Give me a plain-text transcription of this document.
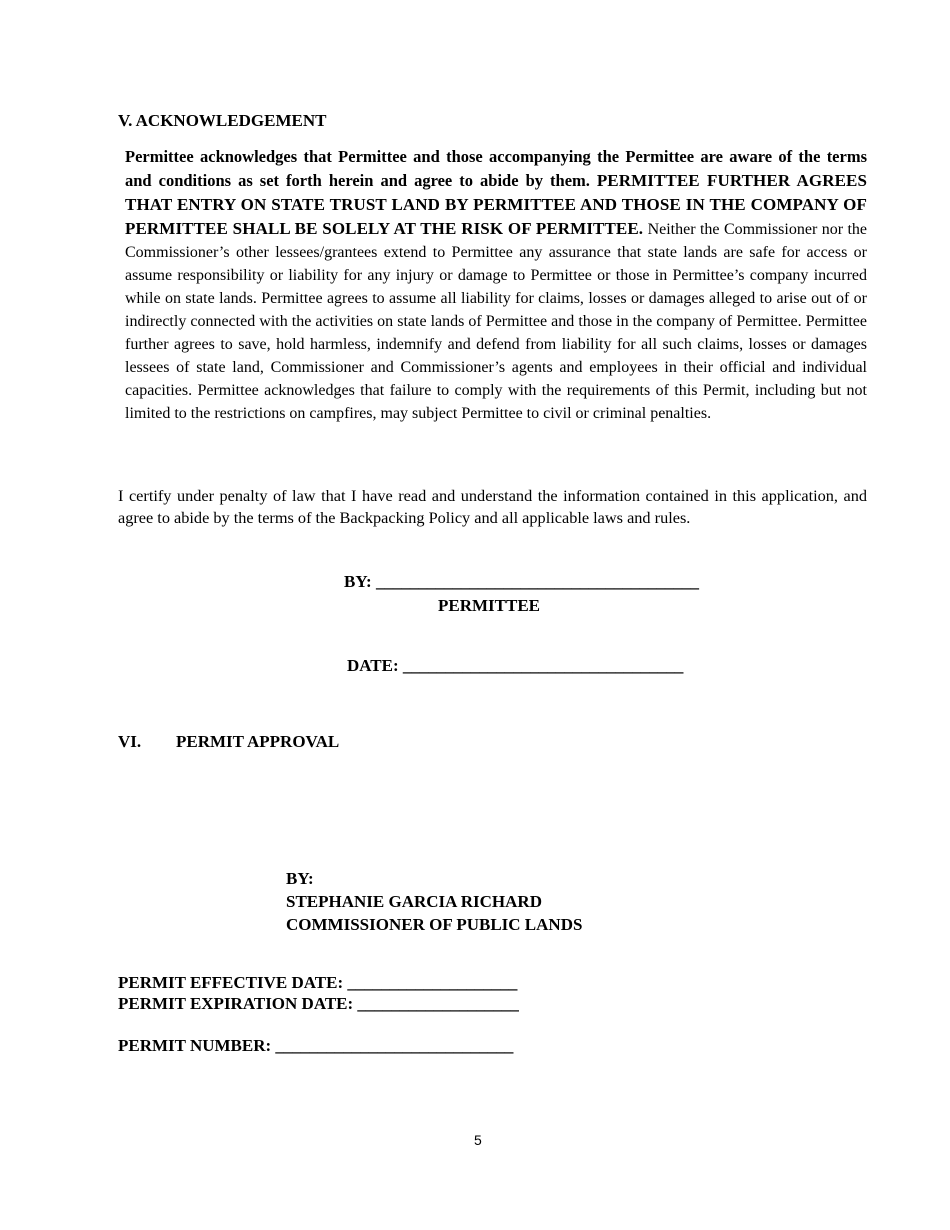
V. ACKNOWLEDGEMENT
Permittee acknowledges that Permittee and those accompanying the Permittee are aware of the terms and conditions as set forth herein and agree to abide by them. PERMITTEE FURTHER AGREES THAT ENTRY ON STATE TRUST LAND BY PERMITTEE AND THOSE IN THE COMPANY OF PERMITTEE SHALL BE SOLELY AT THE RISK OF PERMITTEE. Neither the Commissioner nor the Commissioner’s other lessees/grantees extend to Permittee any assurance that state lands are safe for access or assume responsibility or liability for any injury or damage to Permittee or those in Permittee’s company incurred while on state lands. Permittee agrees to assume all liability for claims, losses or damages alleged to arise out of or indirectly connected with the activities on state lands of Permittee and those in the company of Permittee. Permittee further agrees to save, hold harmless, indemnify and defend from liability for all such claims, losses or damages lessees of state land, Commissioner and Commissioner’s agents and employees in their official and individual capacities. Permittee acknowledges that failure to comply with the requirements of this Permit, including but not limited to the restrictions on campfires, may subject Permittee to civil or criminal penalties.
I certify under penalty of law that I have read and understand the information contained in this application, and agree to abide by the terms of the Backpacking Policy and all applicable laws and rules.
BY: ______________________________________
PERMITTEE
DATE: _________________________________
VI. PERMIT APPROVAL
BY:
STEPHANIE GARCIA RICHARD
COMMISSIONER OF PUBLIC LANDS
PERMIT EFFECTIVE DATE: ____________________
PERMIT EXPIRATION DATE: ___________________
PERMIT NUMBER: ____________________________
5
